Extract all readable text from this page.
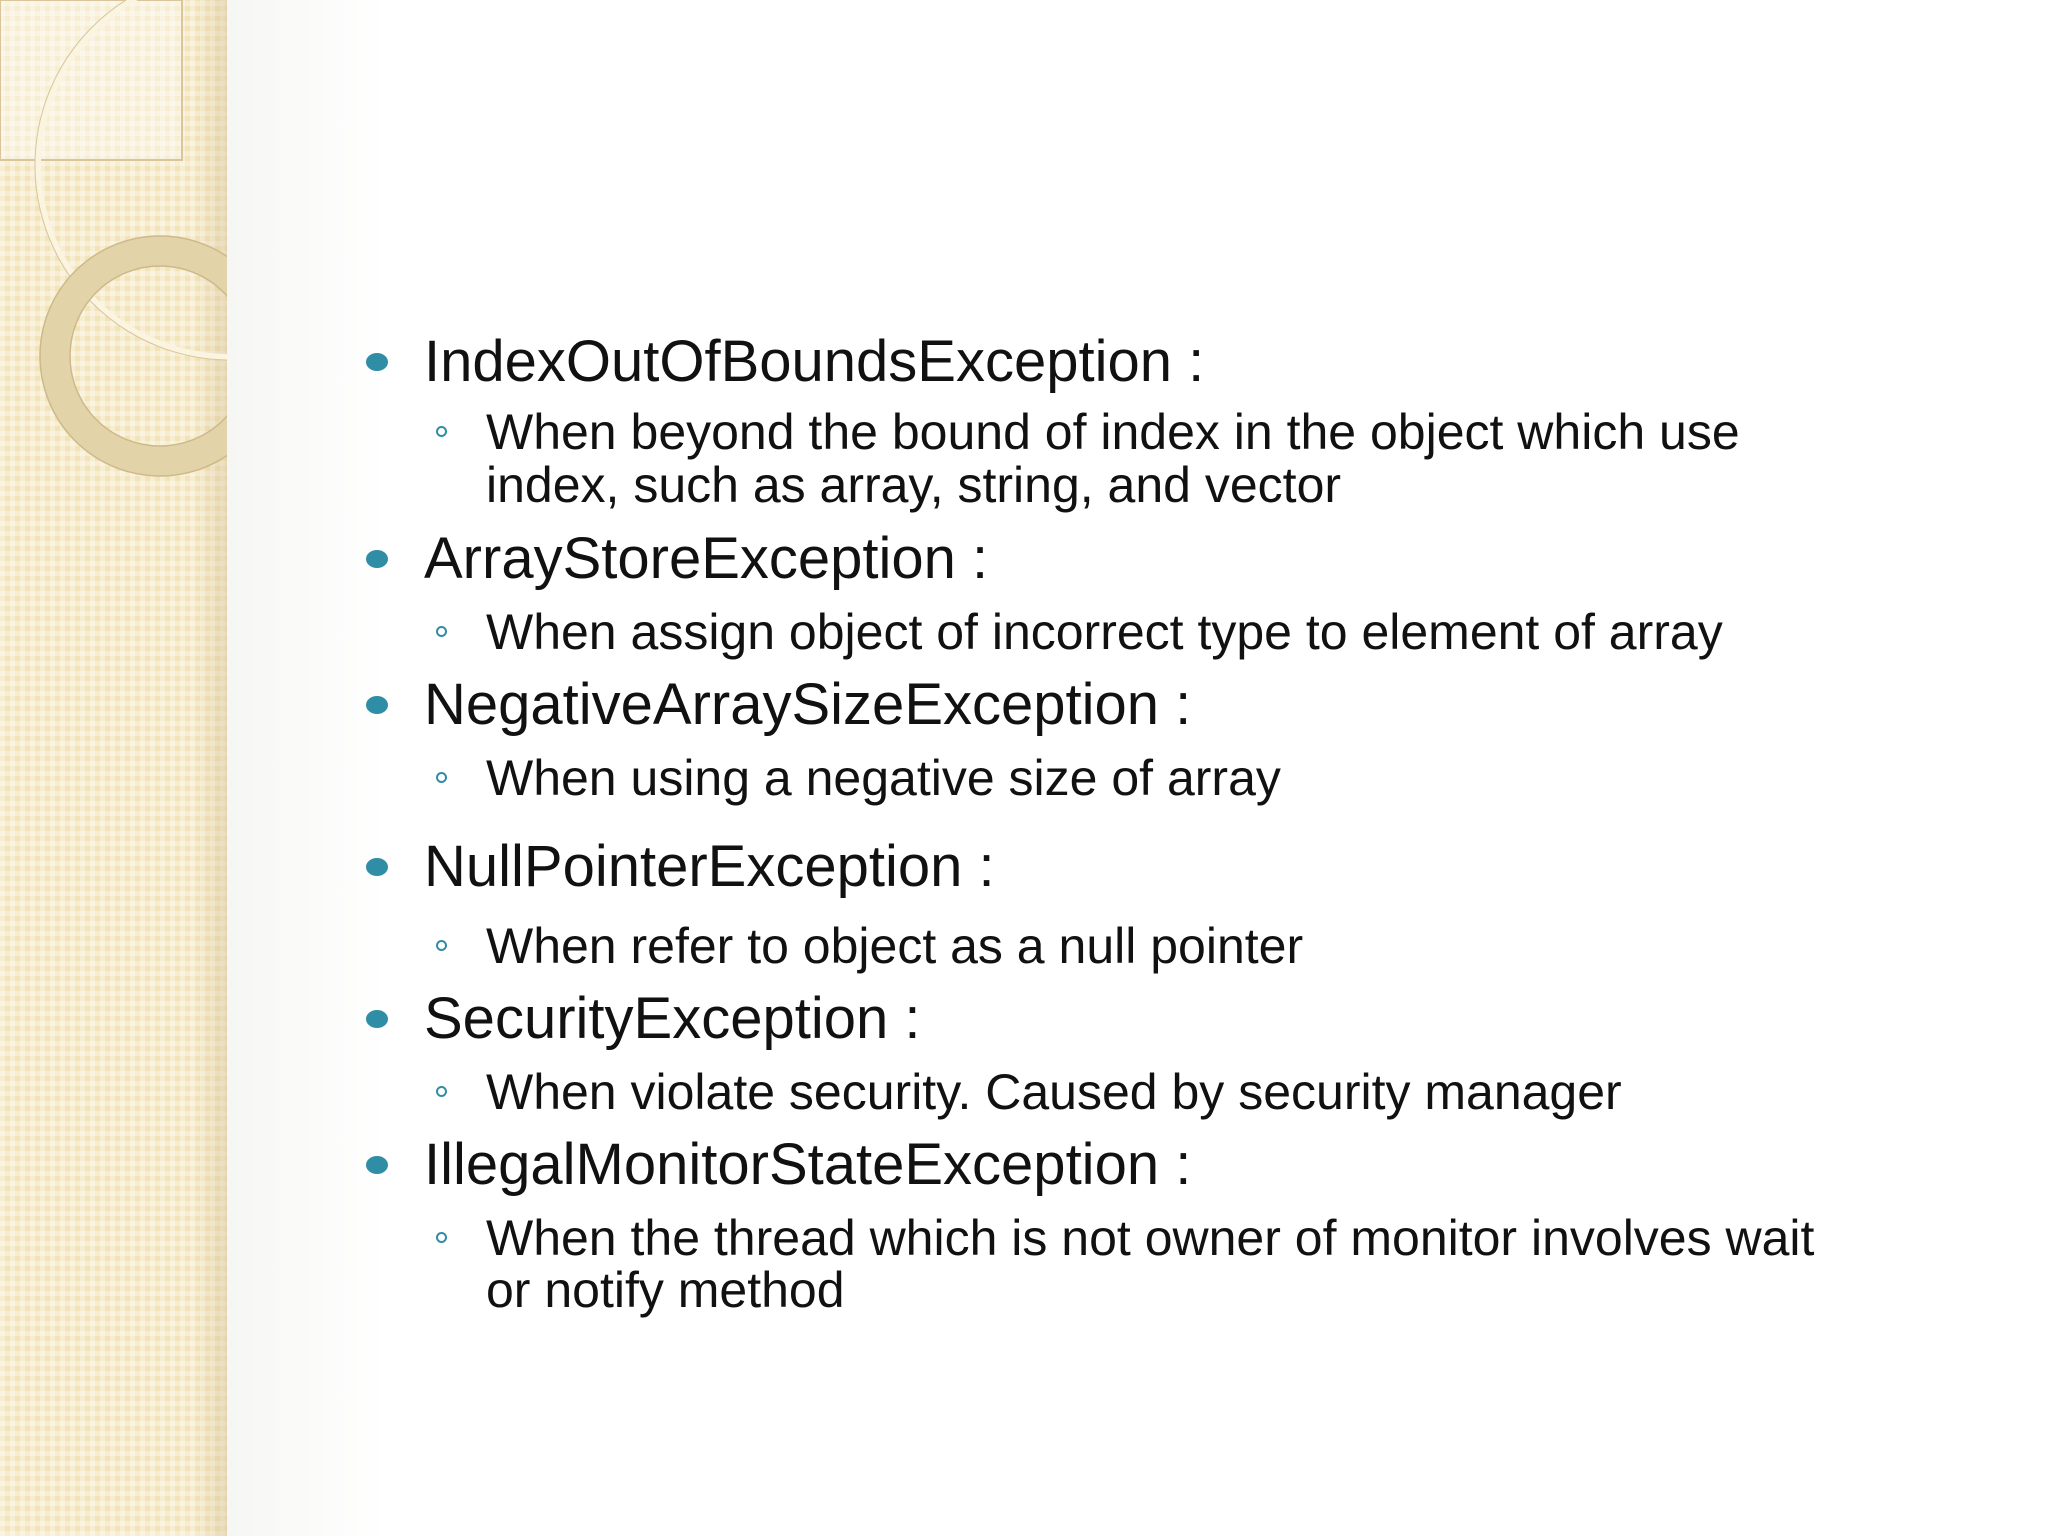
IndexOutOfBoundsException :
When beyond the bound of index in the object which use
index, such as array, string, and vector
ArrayStoreException :
When assign object of incorrect type to element of array
NegativeArraySizeException :
When using a negative size of array
NullPointerException :
When refer to object as a null pointer
SecurityException :
When violate security. Caused by security manager
IllegalMonitorStateException :
When the thread which is not owner of monitor involves wait
or notify method
